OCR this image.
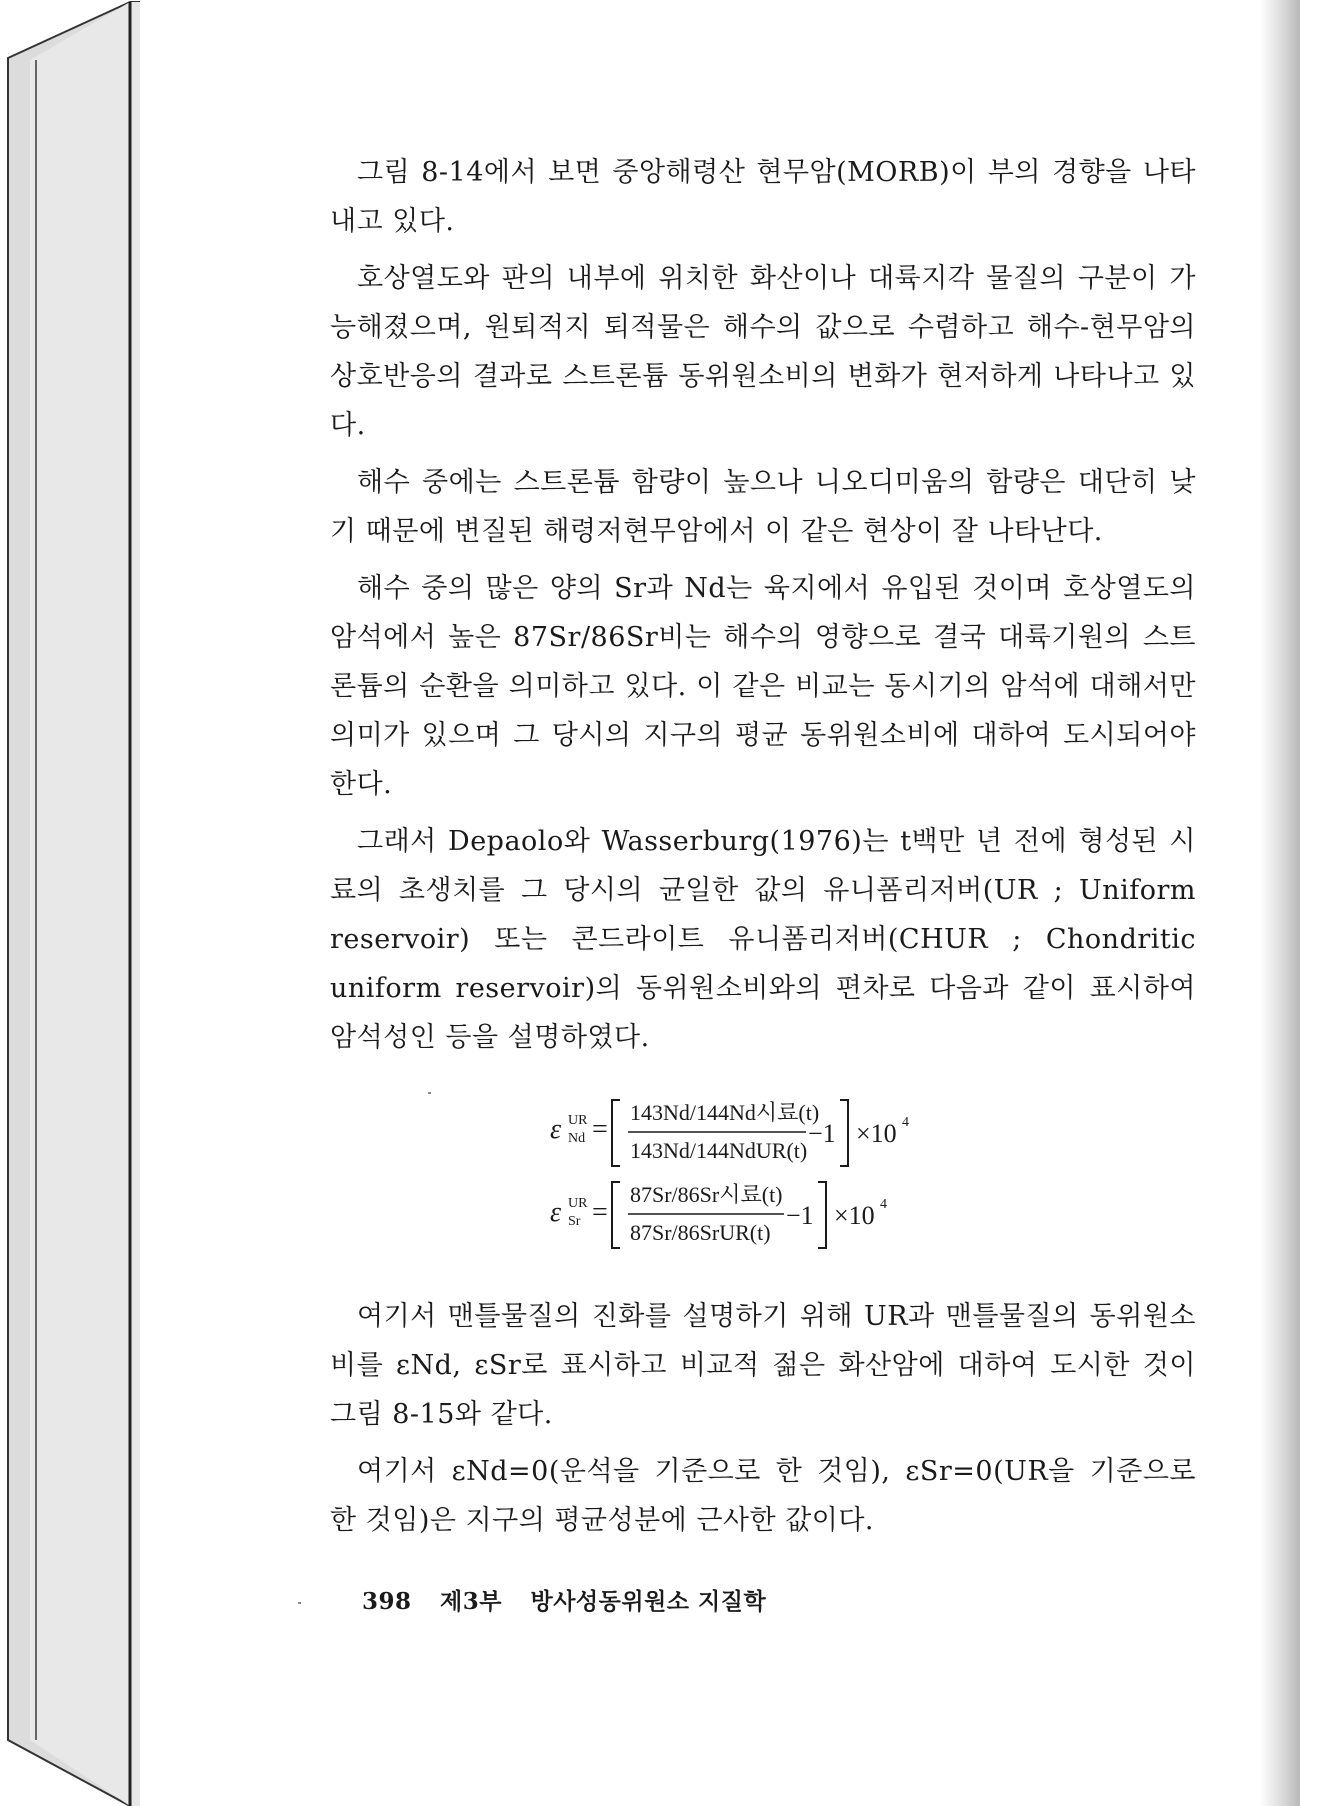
그림 8-14에서 보면 중앙해령산 현무암(MORB)이 부의 경향을 나타내고 있다.

호상열도와 판의 내부에 위치한 화산이나 대륙지각 물질의 구분이 가능해졌으며, 원퇴적지 퇴적물은 해수의 값으로 수렴하고 해수-현무암의 상호반응의 결과로 스트론튬 동위원소비의 변화가 현저하게 나타나고 있다.

해수 중에는 스트론튬 함량이 높으나 니오디미움의 함량은 대단히 낮기 때문에 변질된 해령저현무암에서 이 같은 현상이 잘 나타난다.

해수 중의 많은 양의 Sr과 Nd는 육지에서 유입된 것이며 호상열도의 암석에서 높은 87Sr/86Sr비는 해수의 영향으로 결국 대륙기원의 스트론튬의 순환을 의미하고 있다. 이 같은 비교는 동시기의 암석에 대해서만 의미가 있으며 그 당시의 지구의 평균 동위원소비에 대하여 도시되어야 한다.

그래서 Depaolo와 Wasserburg(1976)는 t백만 년 전에 형성된 시료의 초생치를 그 당시의 균일한 값의 유니폼리저버(UR ; Uniform reservoir) 또는 콘드라이트 유니폼리저버(CHUR ; Chondritic uniform reservoir)의 동위원소비와의 편차로 다음과 같이 표시하여 암석성인 등을 설명하였다.

ε UR
Nd =
143Nd/144Nd시료(t)
143Nd/144NdUR(t)
−1 ×10 4
ε UR
Sr =
87Sr/86Sr시료(t)
87Sr/86SrUR(t)
−1 ×10 4

여기서 맨틀물질의 진화를 설명하기 위해 UR과 맨틀물질의 동위원소비를 εNd, εSr로 표시하고 비교적 젊은 화산암에 대하여 도시한 것이 그림 8-15와 같다.

여기서 εNd=0(운석을 기준으로 한 것임), εSr=0(UR을 기준으로 한 것임)은 지구의 평균성분에 근사한 값이다.

398 제3부 방사성동위원소 지질학
